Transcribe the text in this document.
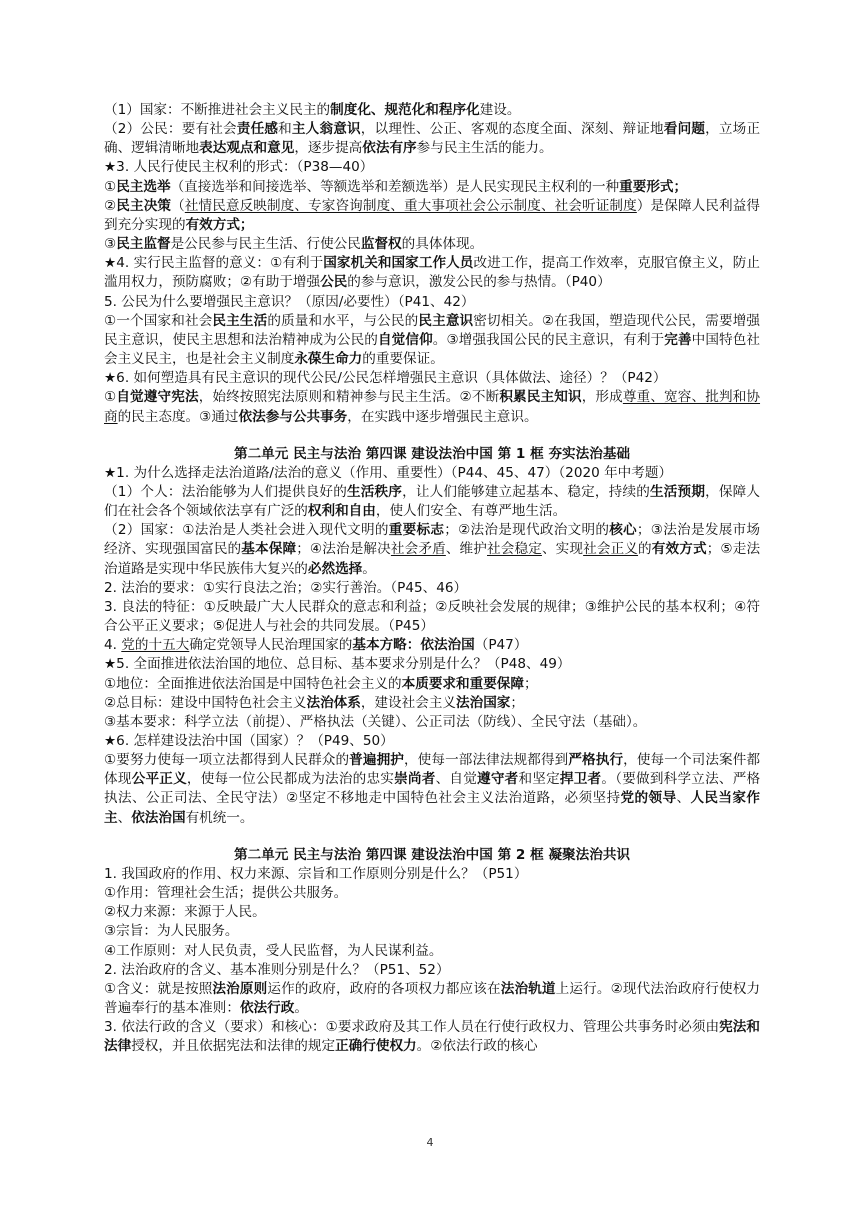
（1）国家：不断推进社会主义民主的制度化、规范化和程序化建设。

（2）公民：要有社会责任感和主人翁意识，以理性、公正、客观的态度全面、深刻、辩证地看问题，立场正确、逻辑清晰地表达观点和意见，逐步提高依法有序参与民主生活的能力。

★3. 人民行使民主权利的形式：（P38—40）

①民主选举（直接选举和间接选举、等额选举和差额选举）是人民实现民主权利的一种重要形式；

②民主决策（社情民意反映制度、专家咨询制度、重大事项社会公示制度、社会听证制度）是保障人民利益得到充分实现的有效方式；

③民主监督是公民参与民主生活、行使公民监督权的具体体现。

★4. 实行民主监督的意义：①有利于国家机关和国家工作人员改进工作，提高工作效率，克服官僚主义，防止滥用权力，预防腐败；②有助于增强公民的参与意识，激发公民的参与热情。（P40）

5. 公民为什么要增强民主意识？（原因/必要性）（P41、42）

①一个国家和社会民主生活的质量和水平，与公民的民主意识密切相关。②在我国，塑造现代公民，需要增强民主意识，使民主思想和法治精神成为公民的自觉信仰。③增强我国公民的民主意识，有利于完善中国特色社会主义民主，也是社会主义制度永葆生命力的重要保证。

★6. 如何塑造具有民主意识的现代公民/公民怎样增强民主意识（具体做法、途径）？（P42）

①自觉遵守宪法，始终按照宪法原则和精神参与民主生活。②不断积累民主知识，形成尊重、宽容、批判和协商的民主态度。③通过依法参与公共事务，在实践中逐步增强民主意识。

第二单元 民主与法治 第四课 建设法治中国 第 1 框 夯实法治基础

★1. 为什么选择走法治道路/法治的意义（作用、重要性）（P44、45、47）（2020 年中考题）

（1）个人：法治能够为人们提供良好的生活秩序，让人们能够建立起基本、稳定，持续的生活预期，保障人们在社会各个领域依法享有广泛的权利和自由，使人们安全、有尊严地生活。

（2）国家：①法治是人类社会进入现代文明的重要标志；②法治是现代政治文明的核心；③法治是发展市场经济、实现强国富民的基本保障；④法治是解决社会矛盾、维护社会稳定、实现社会正义的有效方式；⑤走法治道路是实现中华民族伟大复兴的必然选择。

2. 法治的要求：①实行良法之治；②实行善治。（P45、46）

3. 良法的特征：①反映最广大人民群众的意志和利益；②反映社会发展的规律；③维护公民的基本权利；④符合公平正义要求；⑤促进人与社会的共同发展。（P45）

4. 党的十五大确定党领导人民治理国家的基本方略：依法治国（P47）

★5. 全面推进依法治国的地位、总目标、基本要求分别是什么？（P48、49）

①地位：全面推进依法治国是中国特色社会主义的本质要求和重要保障；

②总目标：建设中国特色社会主义法治体系，建设社会主义法治国家；

③基本要求：科学立法（前提）、严格执法（关键）、公正司法（防线）、全民守法（基础）。

★6. 怎样建设法治中国（国家）？（P49、50）

①要努力使每一项立法都得到人民群众的普遍拥护，使每一部法律法规都得到严格执行，使每一个司法案件都体现公平正义，使每一位公民都成为法治的忠实崇尚者、自觉遵守者和坚定捍卫者。（要做到科学立法、严格执法、公正司法、全民守法）②坚定不移地走中国特色社会主义法治道路，必须坚持党的领导、人民当家作主、依法治国有机统一。

第二单元 民主与法治 第四课 建设法治中国 第 2 框 凝聚法治共识

1. 我国政府的作用、权力来源、宗旨和工作原则分别是什么？（P51）

①作用：管理社会生活；提供公共服务。

②权力来源：来源于人民。

③宗旨：为人民服务。

④工作原则：对人民负责，受人民监督，为人民谋利益。

2. 法治政府的含义、基本准则分别是什么？（P51、52）

①含义：就是按照法治原则运作的政府，政府的各项权力都应该在法治轨道上运行。②现代法治政府行使权力普遍奉行的基本准则：依法行政。

3. 依法行政的含义（要求）和核心：①要求政府及其工作人员在行使行政权力、管理公共事务时必须由宪法和法律授权，并且依据宪法和法律的规定正确行使权力。②依法行政的核心

4
